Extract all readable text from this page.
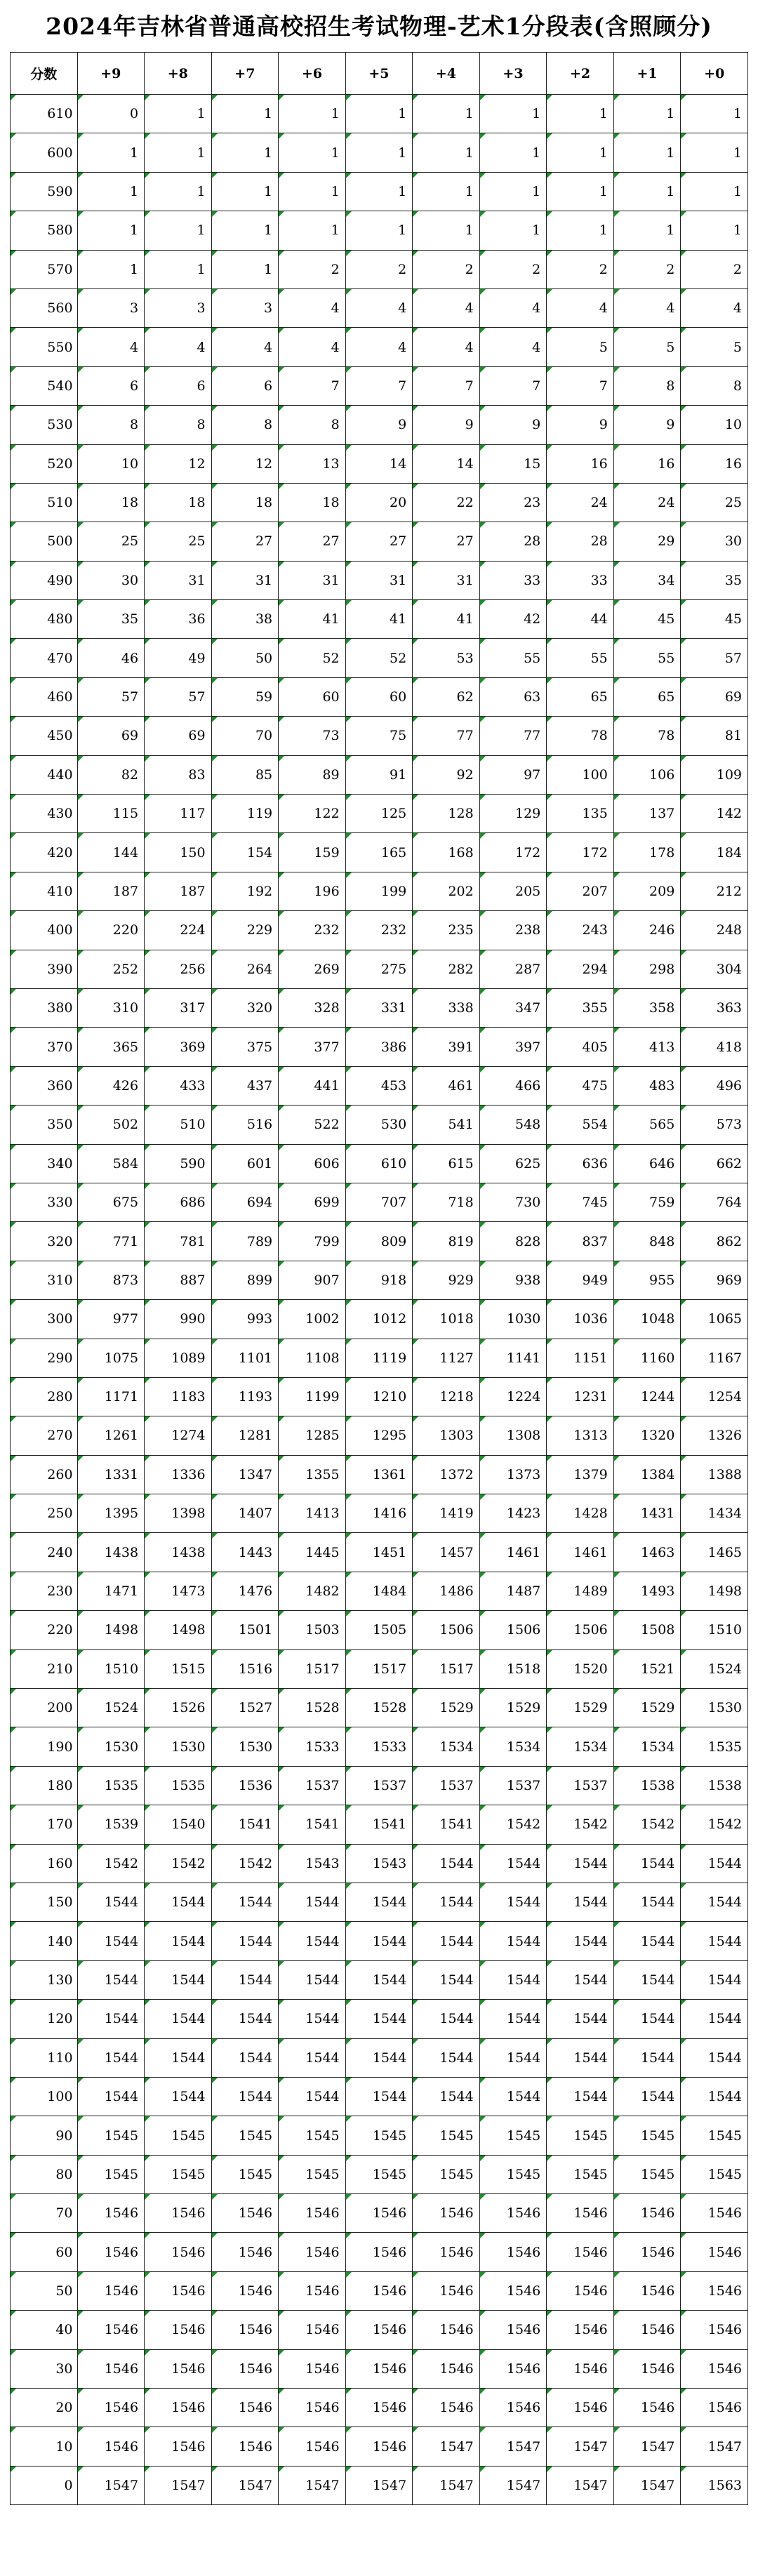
2024年吉林省普通高校招生考试物理-艺术1分段表(含照顾分)
分数	+9	+8	+7	+6	+5	+4	+3	+2	+1	+0
610	0	1	1	1	1	1	1	1	1	1
600	1	1	1	1	1	1	1	1	1	1
590	1	1	1	1	1	1	1	1	1	1
580	1	1	1	1	1	1	1	1	1	1
570	1	1	1	2	2	2	2	2	2	2
560	3	3	3	4	4	4	4	4	4	4
550	4	4	4	4	4	4	4	5	5	5
540	6	6	6	7	7	7	7	7	8	8
530	8	8	8	8	9	9	9	9	9	10
520	10	12	12	13	14	14	15	16	16	16
510	18	18	18	18	20	22	23	24	24	25
500	25	25	27	27	27	27	28	28	29	30
490	30	31	31	31	31	31	33	33	34	35
480	35	36	38	41	41	41	42	44	45	45
470	46	49	50	52	52	53	55	55	55	57
460	57	57	59	60	60	62	63	65	65	69
450	69	69	70	73	75	77	77	78	78	81
440	82	83	85	89	91	92	97	100	106	109
430	115	117	119	122	125	128	129	135	137	142
420	144	150	154	159	165	168	172	172	178	184
410	187	187	192	196	199	202	205	207	209	212
400	220	224	229	232	232	235	238	243	246	248
390	252	256	264	269	275	282	287	294	298	304
380	310	317	320	328	331	338	347	355	358	363
370	365	369	375	377	386	391	397	405	413	418
360	426	433	437	441	453	461	466	475	483	496
350	502	510	516	522	530	541	548	554	565	573
340	584	590	601	606	610	615	625	636	646	662
330	675	686	694	699	707	718	730	745	759	764
320	771	781	789	799	809	819	828	837	848	862
310	873	887	899	907	918	929	938	949	955	969
300	977	990	993	1002	1012	1018	1030	1036	1048	1065
290	1075	1089	1101	1108	1119	1127	1141	1151	1160	1167
280	1171	1183	1193	1199	1210	1218	1224	1231	1244	1254
270	1261	1274	1281	1285	1295	1303	1308	1313	1320	1326
260	1331	1336	1347	1355	1361	1372	1373	1379	1384	1388
250	1395	1398	1407	1413	1416	1419	1423	1428	1431	1434
240	1438	1438	1443	1445	1451	1457	1461	1461	1463	1465
230	1471	1473	1476	1482	1484	1486	1487	1489	1493	1498
220	1498	1498	1501	1503	1505	1506	1506	1506	1508	1510
210	1510	1515	1516	1517	1517	1517	1518	1520	1521	1524
200	1524	1526	1527	1528	1528	1529	1529	1529	1529	1530
190	1530	1530	1530	1533	1533	1534	1534	1534	1534	1535
180	1535	1535	1536	1537	1537	1537	1537	1537	1538	1538
170	1539	1540	1541	1541	1541	1541	1542	1542	1542	1542
160	1542	1542	1542	1543	1543	1544	1544	1544	1544	1544
150	1544	1544	1544	1544	1544	1544	1544	1544	1544	1544
140	1544	1544	1544	1544	1544	1544	1544	1544	1544	1544
130	1544	1544	1544	1544	1544	1544	1544	1544	1544	1544
120	1544	1544	1544	1544	1544	1544	1544	1544	1544	1544
110	1544	1544	1544	1544	1544	1544	1544	1544	1544	1544
100	1544	1544	1544	1544	1544	1544	1544	1544	1544	1544
90	1545	1545	1545	1545	1545	1545	1545	1545	1545	1545
80	1545	1545	1545	1545	1545	1545	1545	1545	1545	1545
70	1546	1546	1546	1546	1546	1546	1546	1546	1546	1546
60	1546	1546	1546	1546	1546	1546	1546	1546	1546	1546
50	1546	1546	1546	1546	1546	1546	1546	1546	1546	1546
40	1546	1546	1546	1546	1546	1546	1546	1546	1546	1546
30	1546	1546	1546	1546	1546	1546	1546	1546	1546	1546
20	1546	1546	1546	1546	1546	1546	1546	1546	1546	1546
10	1546	1546	1546	1546	1546	1547	1547	1547	1547	1547
0	1547	1547	1547	1547	1547	1547	1547	1547	1547	1563
